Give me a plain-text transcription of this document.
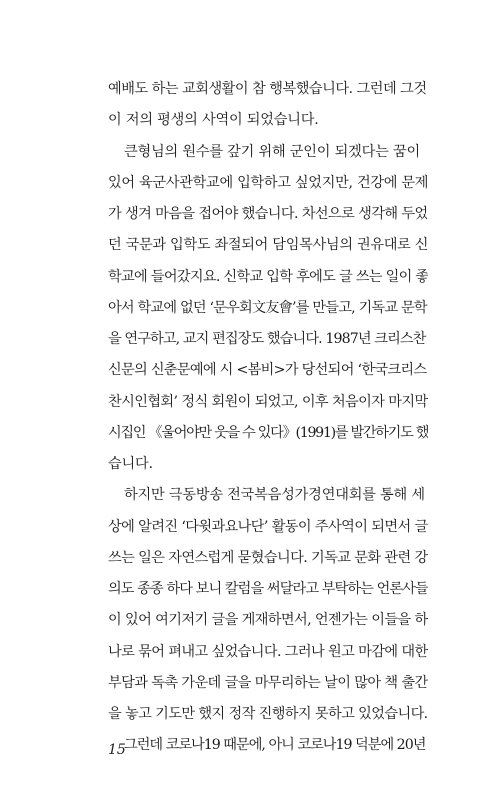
예배도 하는 교회생활이 참 행복했습니다. 그런데 그것
이 저의 평생의 사역이 되었습니다.
큰형님의 원수를 갚기 위해 군인이 되겠다는 꿈이
있어 육군사관학교에 입학하고 싶었지만, 건강에 문제
가 생겨 마음을 접어야 했습니다. 차선으로 생각해 두었
던 국문과 입학도 좌절되어 담임목사님의 권유대로 신
학교에 들어갔지요. 신학교 입학 후에도 글 쓰는 일이 좋
아서 학교에 없던 ‘문우회文友會’를 만들고, 기독교 문학
을 연구하고, 교지 편집장도 했습니다. 1987년 크리스찬
신문의 신춘문예에 시 <봄비>가 당선되어 ‘한국크리스
찬시인협회’ 정식 회원이 되었고, 이후 처음이자 마지막
시집인 《울어야만 웃을 수 있다》(1991)를 발간하기도 했
습니다.
하지만 극동방송 전국복음성가경연대회를 통해 세
상에 알려진 ‘다윗과요나단’ 활동이 주사역이 되면서 글
쓰는 일은 자연스럽게 묻혔습니다. 기독교 문화 관련 강
의도 종종 하다 보니 칼럼을 써달라고 부탁하는 언론사들
이 있어 여기저기 글을 게재하면서, 언젠가는 이들을 하
나로 묶어 펴내고 싶었습니다. 그러나 원고 마감에 대한
부담과 독촉 가운데 글을 마무리하는 날이 많아 책 출간
을 놓고 기도만 했지 정작 진행하지 못하고 있었습니다.
그런데 코로나19 때문에, 아니 코로나19 덕분에 20년
15
